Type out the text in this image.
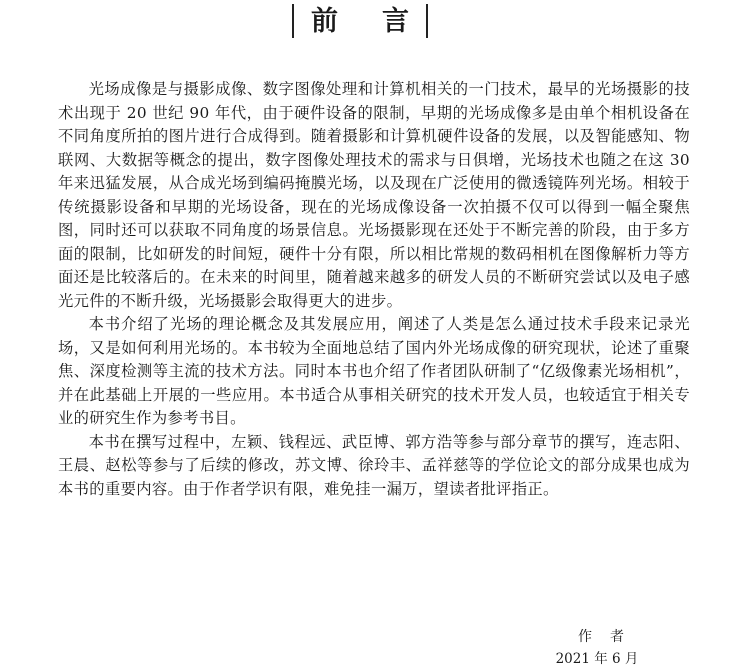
前言

光场成像是与摄影成像、数字图像处理和计算机相关的一门技术，最早的光场摄影的技术出现于 20 世纪 90 年代，由于硬件设备的限制，早期的光场成像多是由单个相机设备在不同角度所拍的图片进行合成得到。随着摄影和计算机硬件设备的发展，以及智能感知、物联网、大数据等概念的提出，数字图像处理技术的需求与日俱增，光场技术也随之在这 30 年来迅猛发展，从合成光场到编码掩膜光场，以及现在广泛使用的微透镜阵列光场。相较于传统摄影设备和早期的光场设备，现在的光场成像设备一次拍摄不仅可以得到一幅全聚焦图，同时还可以获取不同角度的场景信息。光场摄影现在还处于不断完善的阶段，由于多方面的限制，比如研发的时间短，硬件十分有限，所以相比常规的数码相机在图像解析力等方面还是比较落后的。在未来的时间里，随着越来越多的研发人员的不断研究尝试以及电子感光元件的不断升级，光场摄影会取得更大的进步。

本书介绍了光场的理论概念及其发展应用，阐述了人类是怎么通过技术手段来记录光场，又是如何利用光场的。本书较为全面地总结了国内外光场成像的研究现状，论述了重聚焦、深度检测等主流的技术方法。同时本书也介绍了作者团队研制了“亿级像素光场相机”，并在此基础上开展的一些应用。本书适合从事相关研究的技术开发人员，也较适宜于相关专业的研究生作为参考书目。

本书在撰写过程中，左颖、钱程远、武臣博、郭方浩等参与部分章节的撰写，连志阳、王晨、赵松等参与了后续的修改，苏文博、徐玲丰、孟祥慈等的学位论文的部分成果也成为本书的重要内容。由于作者学识有限，难免挂一漏万，望读者批评指正。

作者
2021 年 6 月
